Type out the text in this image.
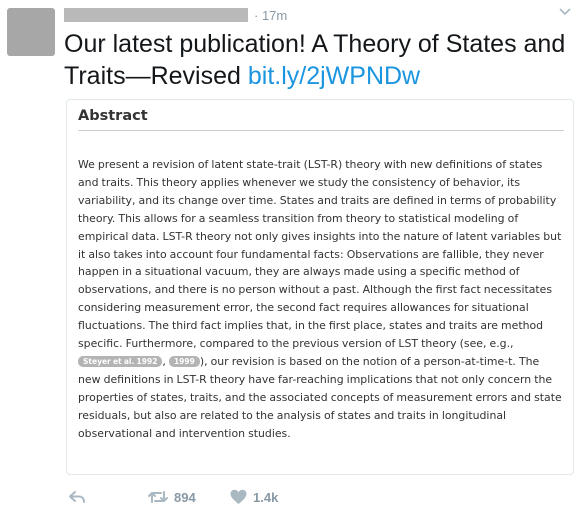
· 17m

Our latest publication! A Theory of States and Traits—Revised bit.ly/2jWPNDw

Abstract
We present a revision of latent state-trait (LST-R) theory with new definitions of states and traits. This theory applies whenever we study the consistency of behavior, its variability, and its change over time. States and traits are defined in terms of probability theory. This allows for a seamless transition from theory to statistical modeling of empirical data. LST-R theory not only gives insights into the nature of latent variables but it also takes into account four fundamental facts: Observations are fallible, they never happen in a situational vacuum, they are always made using a specific method of observations, and there is no person without a past. Although the first fact necessitates considering measurement error, the second fact requires allowances for situational fluctuations. The third fact implies that, in the first place, states and traits are method specific. Furthermore, compared to the previous version of LST theory (see, e.g., Steyer et al. 1992 , 1999 ), our revision is based on the notion of a person-at-time-t. The new definitions in LST-R theory have far-reaching implications that not only concern the properties of states, traits, and the associated concepts of measurement errors and state residuals, but also are related to the analysis of states and traits in longitudinal observational and intervention studies.
894	1.4k
